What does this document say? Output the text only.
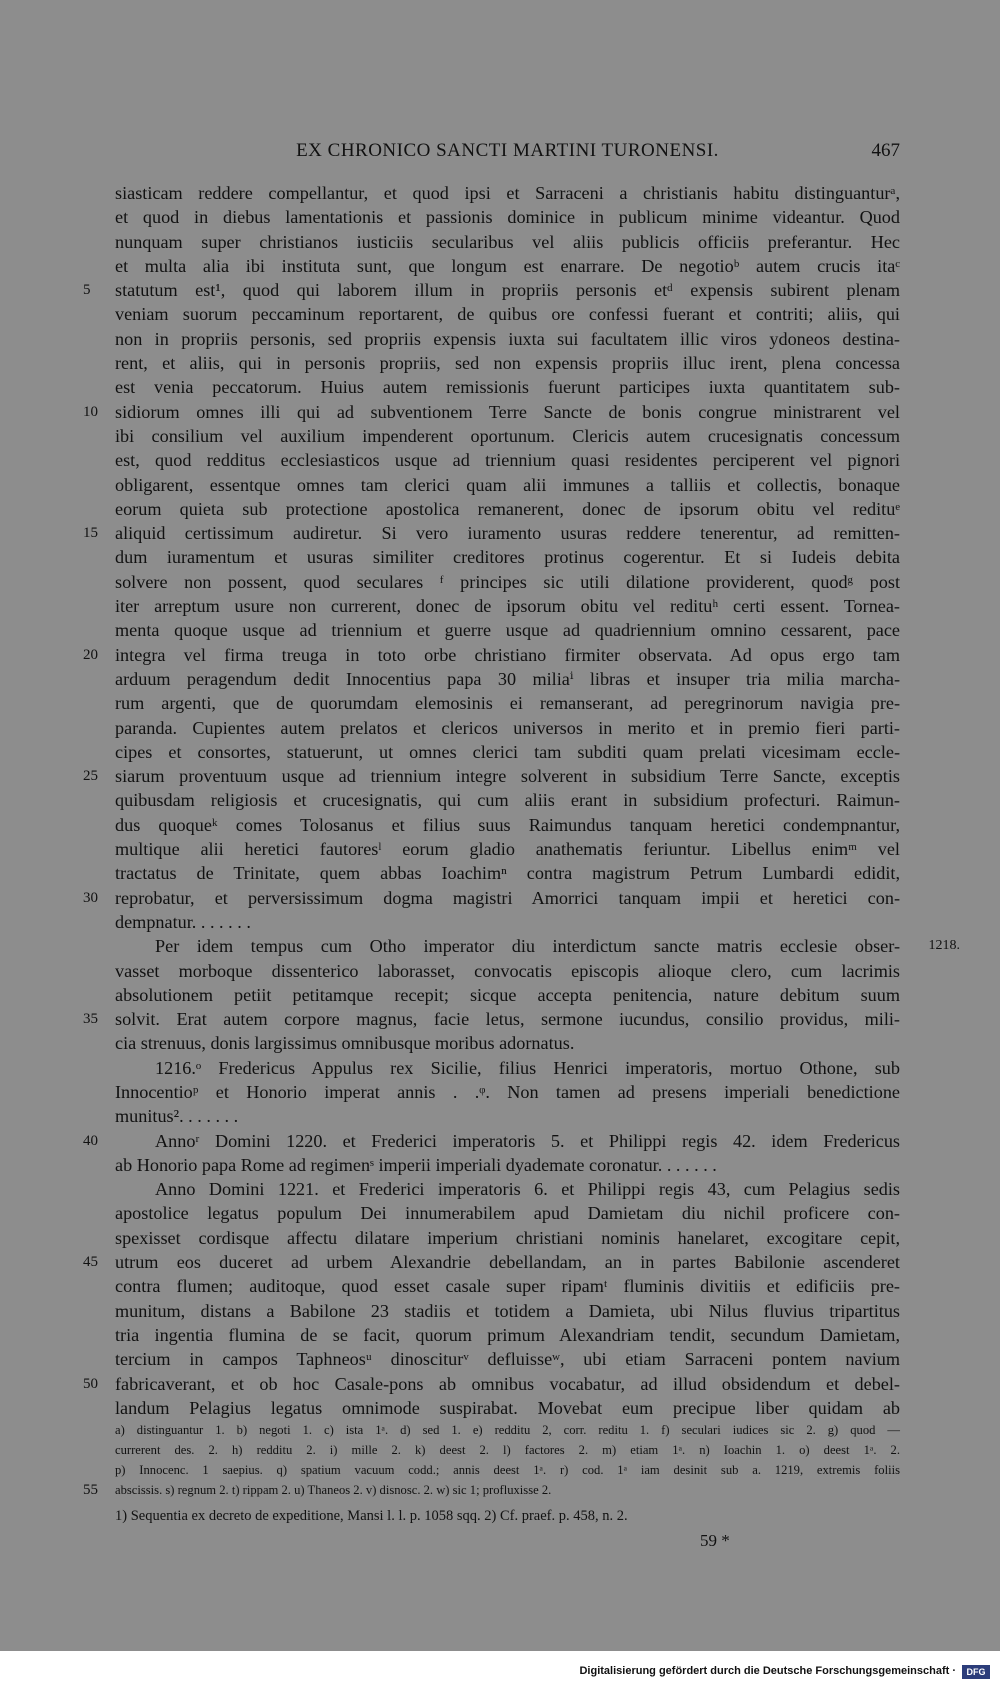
EX CHRONICO SANCTI MARTINI TURONENSI.	467
siasticam reddere compellantur, et quod ipsi et Sarraceni a christianis habitu distinguanturᵃ,
et quod in diebus lamentationis et passionis dominice in publicum minime videantur. Quod
nunquam super christianos iusticiis secularibus vel aliis publicis officiis preferantur. Hec
et multa alia ibi instituta sunt, que longum est enarrare. De negotioᵇ autem crucis itaᶜ
5	statutum est¹, quod qui laborem illum in propriis personis etᵈ expensis subirent plenam
veniam suorum peccaminum reportarent, de quibus ore confessi fuerant et contriti; aliis, qui
non in propriis personis, sed propriis expensis iuxta sui facultatem illic viros ydoneos destina-
rent, et aliis, qui in personis propriis, sed non expensis propriis illuc irent, plena concessa
est venia peccatorum. Huius autem remissionis fuerunt participes iuxta quantitatem sub-
10 sidiorum omnes illi qui ad subventionem Terre Sancte de bonis congrue ministrarent vel
ibi consilium vel auxilium impenderent oportunum. Clericis autem crucesignatis concessum
est, quod redditus ecclesiasticos usque ad triennium quasi residentes perciperent vel pignori
obligarent, essentque omnes tam clerici quam alii immunes a talliis et collectis, bonaque
eorum quieta sub protectione apostolica remanerent, donec de ipsorum obitu vel redituᵉ
15 aliquid certissimum audiretur. Si vero iuramento usuras reddere tenerentur, ad remitten-
dum iuramentum et usuras similiter creditores protinus cogerentur. Et si Iudeis debita
solvere non possent, quod seculares ᶠ principes sic utili dilatione providerent, quodᵍ post
iter arreptum usure non currerent, donec de ipsorum obitu vel redituʰ certi essent. Tornea-
menta quoque usque ad triennium et guerre usque ad quadriennium omnino cessarent, pace
20 integra vel firma treuga in toto orbe christiano firmiter observata. Ad opus ergo tam
arduum peragendum dedit Innocentius papa 30 miliaⁱ libras et insuper tria milia marcha-
rum argenti, que de quorumdam elemosinis ei remanserant, ad peregrinorum navigia pre-
paranda. Cupientes autem prelatos et clericos universos in merito et in premio fieri parti-
cipes et consortes, statuerunt, ut omnes clerici tam subditi quam prelati vicesimam eccle-
25 siarum proventuum usque ad triennium integre solverent in subsidium Terre Sancte, exceptis
quibusdam religiosis et crucesignatis, qui cum aliis erant in subsidium profecturi. Raimun-
dus quoqueᵏ comes Tolosanus et filius suus Raimundus tanquam heretici condempnantur,
multique alii heretici fautoresˡ eorum gladio anathematis feriuntur. Libellus enimᵐ vel
tractatus de Trinitate, quem abbas Ioachimⁿ contra magistrum Petrum Lumbardi edidit,
30 reprobatur, et perversissimum dogma magistri Amorrici tanquam impii et heretici con-
dempnatur. . . . . . .
Per idem tempus cum Otho imperator diu interdictum sancte matris ecclesie obser- 1218.
vasset morboque dissenterico laborasset, convocatis episcopis alioque clero, cum lacrimis
absolutionem petiit petitamque recepit; sicque accepta penitencia, nature debitum suum
35 solvit. Erat autem corpore magnus, facie letus, sermone iucundus, consilio providus, mili-
cia strenuus, donis largissimus omnibusque moribus adornatus.
1216.ᵒ Fredericus Appulus rex Sicilie, filius Henrici imperatoris, mortuo Othone, sub
Innocentioᵖ et Honorio imperat annis . .ᵠ. Non tamen ad presens imperiali benedictione
munitus². . . . . . .
40	Annoʳ Domini 1220. et Frederici imperatoris 5. et Philippi regis 42. idem Fredericus
ab Honorio papa Rome ad regimenˢ imperii imperiali dyademate coronatur. . . . . . .
Anno Domini 1221. et Frederici imperatoris 6. et Philippi regis 43, cum Pelagius sedis
apostolice legatus populum Dei innumerabilem apud Damietam diu nichil proficere con-
spexisset cordisque affectu dilatare imperium christiani nominis hanelaret, excogitare cepit,
45 utrum eos duceret ad urbem Alexandrie debellandam, an in partes Babilonie ascenderet
contra flumen; auditoque, quod esset casale super ripamᵗ fluminis divitiis et edificiis pre-
munitum, distans a Babilone 23 stadiis et totidem a Damieta, ubi Nilus fluvius tripartitus
tria ingentia flumina de se facit, quorum primum Alexandriam tendit, secundum Damietam,
tercium in campos Taphneosᵘ dinosciturᵛ defluisseʷ, ubi etiam Sarraceni pontem navium
50 fabricaverant, et ob hoc Casale-pons ab omnibus vocabatur, ad illud obsidendum et debel-
landum Pelagius legatus omnimode suspirabat. Movebat eum precipue liber quidam ab
a) distinguantur 1. b) negoti 1. c) ista 1ᵃ. d) sed 1. e) redditu 2, corr. reditu 1. f) seculari iudices sic 2. g) quod —
currerent des. 2. h) redditu 2. i) mille 2. k) deest 2. l) factores 2. m) etiam 1ᵃ. n) Ioachin 1. o) deest 1ᵃ. 2.
p) Innocenc. 1 saepius. q) spatium vacuum codd.; annis deest 1ᵃ. r) cod. 1ᵃ iam desinit sub a. 1219, extremis foliis
55	abscissis. s) regnum 2. t) rippam 2. u) Thaneos 2. v) disnosc. 2. w) sic 1; profluxisse 2.
1) Sequentia ex decreto de expeditione, Mansi l. l. p. 1058 sqq. 2) Cf. praef. p. 458, n. 2.
59 *
Digitalisierung gefördert durch die Deutsche Forschungsgemeinschaft ·	DFG
